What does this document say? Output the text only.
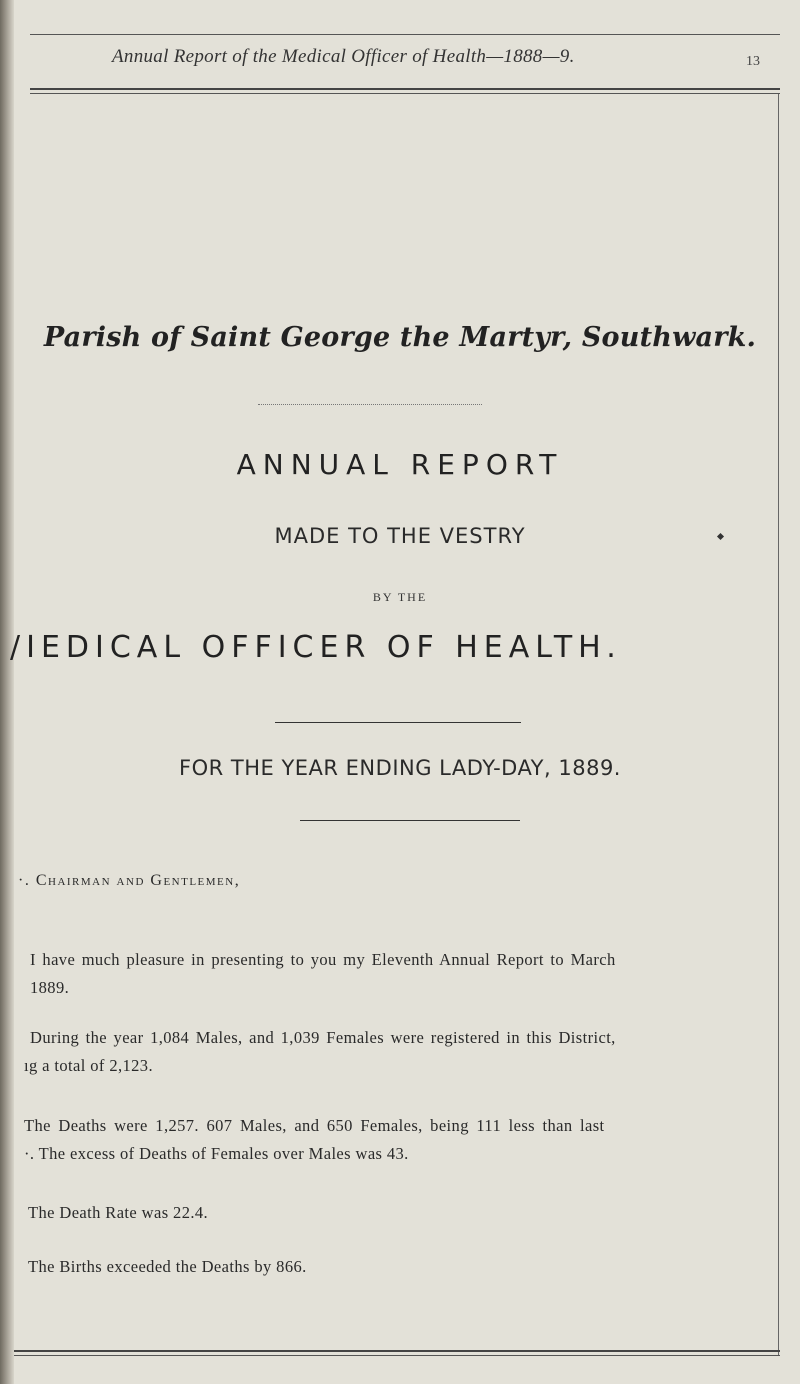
Annual Report of the Medical Officer of Health—1888—9.	13
Parish of Saint George the Martyr, Southwark.
ANNUAL REPORT
MADE TO THE VESTRY
BY THE
/IEDICAL OFFICER OF HEALTH.
FOR THE YEAR ENDING LADY-DAY, 1889.
·. Chairman and Gentlemen,
I have much pleasure in presenting to you my Eleventh Annual Report to March
1889.
During the year 1,084 Males, and 1,039 Females were registered in this District,
ıg a total of 2,123.
The Deaths were 1,257. 607 Males, and 650 Females, being 111 less than last
·. The excess of Deaths of Females over Males was 43.
The Death Rate was 22.4.
The Births exceeded the Deaths by 866.
